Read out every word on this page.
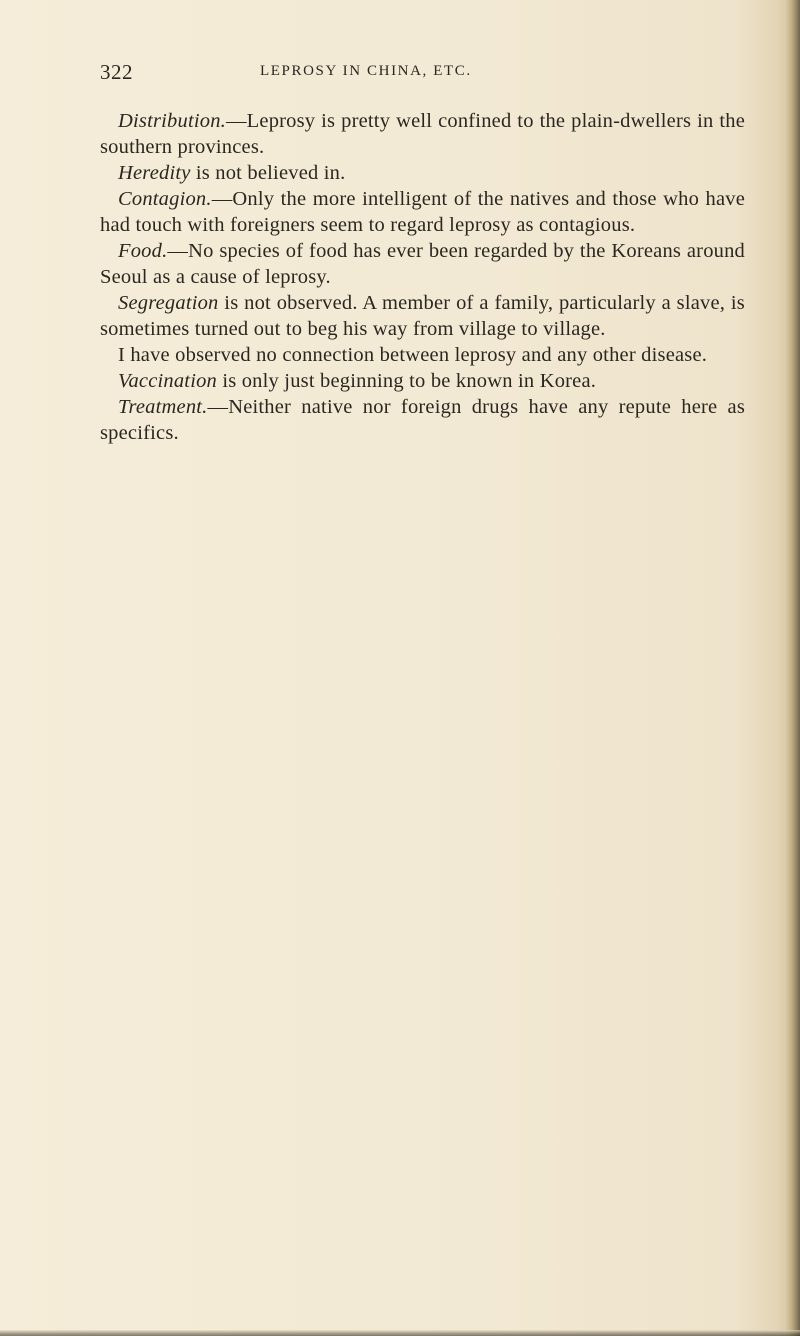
322	LEPROSY IN CHINA, ETC.

Distribution.—Leprosy is pretty well confined to the plain-dwellers in the southern provinces.

Heredity is not believed in.

Contagion.—Only the more intelligent of the natives and those who have had touch with foreigners seem to regard leprosy as contagious.

Food.—No species of food has ever been regarded by the Koreans around Seoul as a cause of leprosy.

Segregation is not observed. A member of a family, particularly a slave, is sometimes turned out to beg his way from village to village.

I have observed no connection between leprosy and any other disease.

Vaccination is only just beginning to be known in Korea.

Treatment.—Neither native nor foreign drugs have any repute here as specifics.
